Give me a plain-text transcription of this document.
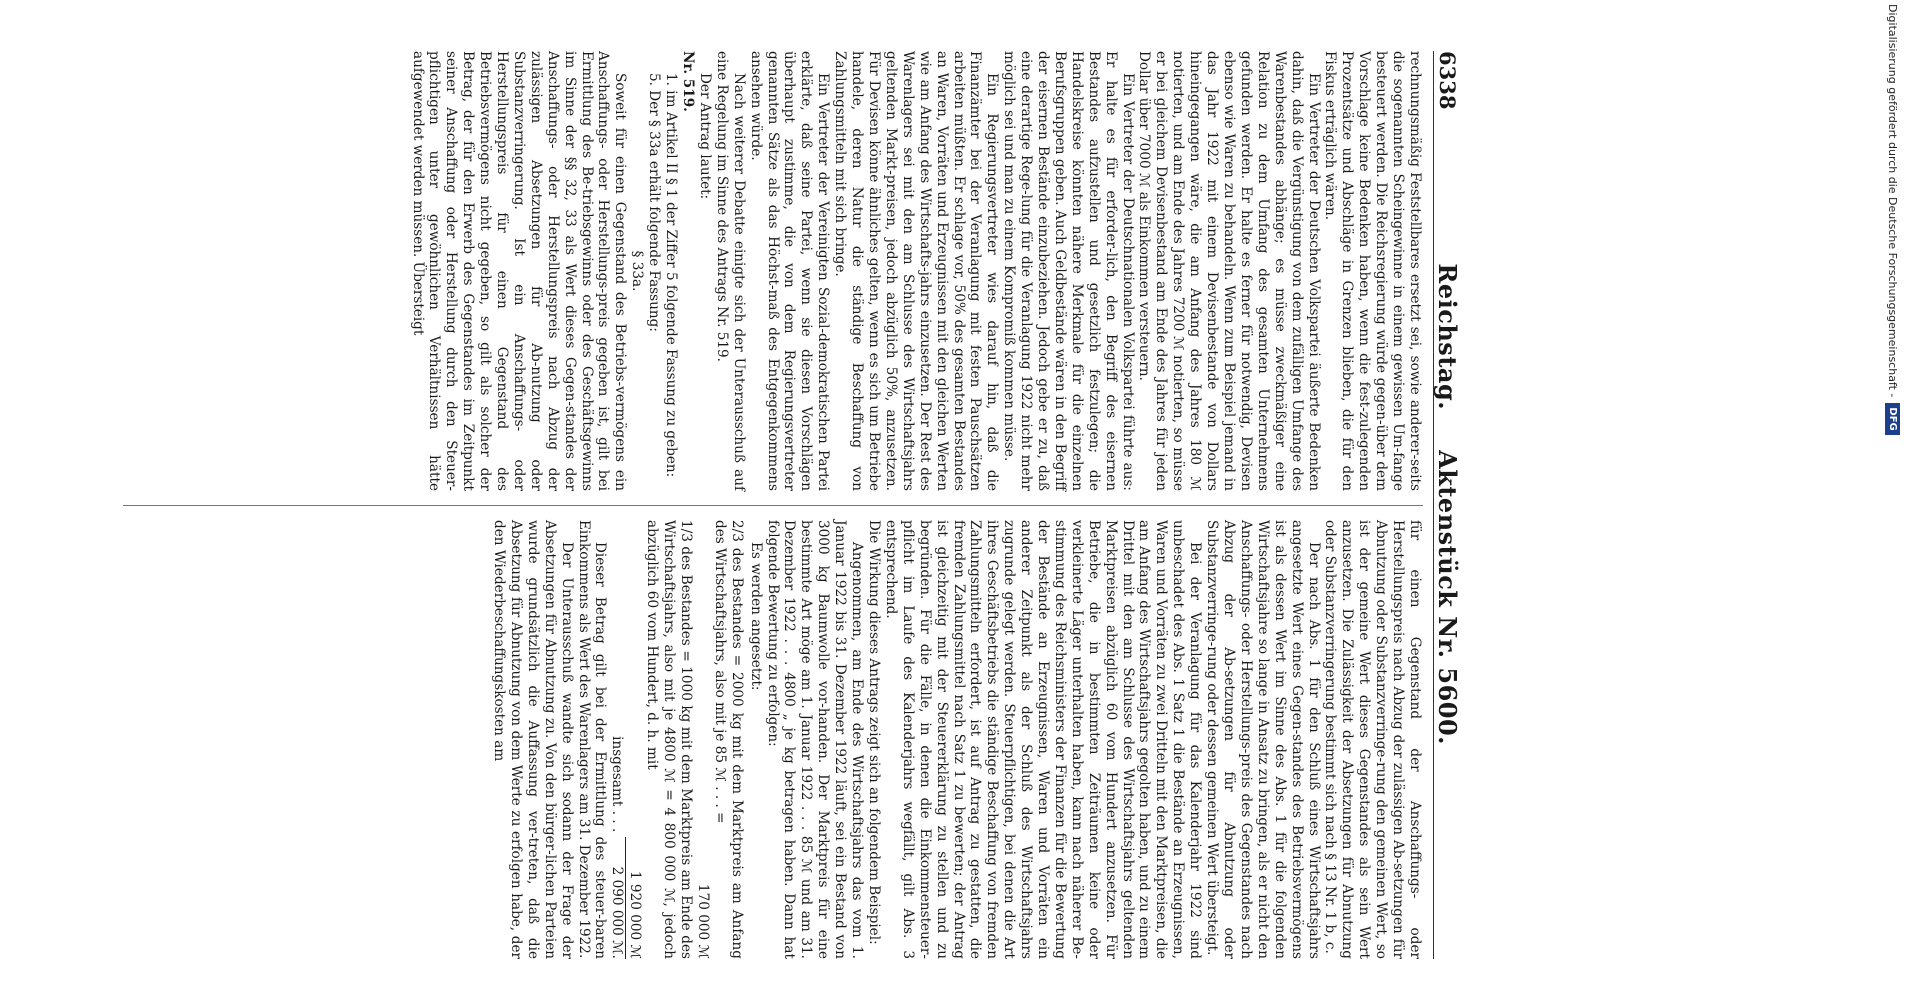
6338
Reichstag.Aktenstück Nr. 5600.

rechnungsmäßig Feststellbares ersetzt sei, sowie anderer-seits die sogenannten Scheingewinne in einem gewissen Um-fange besteuert werden. Die Reichsregierung würde gegen-über dem Vorschlage keine Bedenken haben, wenn die fest-zulegenden Prozentsätze und Abschläge in Grenzen blieben, die für den Fiskus erträglich wären.

Ein Vertreter der Deutschen Volkspartei äußerte Bedenken dahin, daß die Vergünstigung von dem zufälligen Umfange des Warenbestandes abhänge; es müsse zweckmäßiger eine Relation zu dem Umfang des gesamten Unternehmens gefunden werden. Er halte es ferner für notwendig, Devisen ebenso wie Waren zu behandeln. Wenn zum Beispiel jemand in das Jahr 1922 mit einem Devisenbestande von Dollars hineingegangen wäre, die am Anfang des Jahres 180 ℳ notierten, und am Ende des Jahres 7200 ℳ notierten, so müsse er bei gleichem Devisenbestand am Ende des Jahres für jeden Dollar über 7000 ℳ als Einkommen versteuern.

Ein Vertreter der Deutschnationalen Volkspartei führte aus: Er halte es für erforder-lich, den Begriff des eisernen Bestandes aufzustellen und gesetzlich festzulegen; die Handelskreise könnten nähere Merkmale für die einzelnen Berufsgruppen geben. Auch Geldbestände wären in den Begriff der eisernen Bestände einzubeziehen. Jedoch gebe er zu, daß eine derartige Rege-lung für die Veranlagung 1922 nicht mehr möglich sei und man zu einem Kompromiß kommen müsse.

Ein Regierungsvertreter wies darauf hin, daß die Finanzämter bei der Veranlagung mit festen Pauschsätzen arbeiten müßten. Er schlage vor, 50% des gesamten Bestandes an Waren, Vorräten und Erzeugnissen mit den gleichen Werten wie am Anfang des Wirtschafts-jahrs einzusetzen. Der Rest des Warenlagers sei mit den am Schlusse des Wirtschaftsjahrs geltenden Markt-preisen, jedoch abzüglich 50%, anzusetzen. Für Devisen könne ähnliches gelten, wenn es sich um Betriebe handele, deren Natur die ständige Beschaffung von Zahlungsmitteln mit sich bringe.

Ein Vertreter der Vereinigten Sozial-demokratischen Partei erklärte, daß seine Partei, wenn sie diesen Vorschlägen überhaupt zustimme, die von dem Regierungsvertreter genannten Sätze als das Höchst-maß des Entgegenkommens ansehen würde.

Nach weiterer Debatte einigte sich der Unterausschuß auf eine Regelung im Sinne des Antrags Nr. 519.

Der Antrag lautet:

Nr. 519.

1. im Artikel II § 1 der Ziffer 5 folgende Fassung zu geben:

5. Der § 33a erhält folgende Fassung:

§ 33a.

Soweit für einen Gegenstand des Betriebs-vermögens ein Anschaffungs- oder Herstellungs-preis gegeben ist, gilt bei Ermittlung des Be-triebsgewinns oder des Geschäftsgewinns im Sinne der §§ 32, 33 als Wert dieses Gegen-standes der Anschaffungs- oder Herstellungspreis nach Abzug der zulässigen Absetzungen für Ab-nutzung oder Substanzverringerung. Ist ein Anschaffungs- oder Herstellungspreis für einen Gegenstand des Betriebsvermögens nicht gegeben, so gilt als solcher der Betrag, der für den Erwerb des Gegenstandes im Zeitpunkt seiner Anschaffung oder Herstellung durch den Steuer-pflichtigen unter gewöhnlichen Verhältnissen hätte aufgewendet werden müssen. Übersteigt

für einen Gegenstand der Anschaffungs- oder Herstellungspreis nach Abzug der zulässigen Ab-setzungen für Abnutzung oder Substanzverringe-rung den gemeinen Wert, so ist der gemeine Wert dieses Gegenstandes als sein Wert anzusetzen. Die Zulässigkeit der Absetzungen für Abnutzung oder Substanzverringerung bestimmt sich nach § 13 Nr. 1 b, c.

Der nach Abs. 1 für den Schluß eines Wirtschaftsjahrs angesetzte Wert eines Gegen-standes des Betriebsvermögens ist als dessen Wert im Sinne des Abs. 1 für die folgenden Wirtschaftsjahre so lange in Ansatz zu bringen, als er nicht den Anschaffungs- oder Herstellungs-preis des Gegenstandes nach Abzug der Ab-setzungen für Abnutzung oder Substanzverringe-rung oder dessen gemeinen Wert übersteigt.

Bei der Veranlagung für das Kalenderjahr 1922 sind unbeschadet des Abs. 1 Satz 1 die Bestände an Erzeugnissen, Waren und Vorräten zu zwei Dritteln mit den Marktpreisen, die am Anfang des Wirtschaftsjahrs gegolten haben, und zu einem Drittel mit den am Schlusse des Wirtschaftsjahrs geltenden Marktpreisen abzüglich 60 vom Hundert anzusetzen. Für Betriebe, die in bestimmten Zeiträumen keine oder verkleinerte Läger unterhalten haben, kann nach näherer Be-stimmung des Reichsministers der Finanzen für die Bewertung der Bestände an Erzeugnissen, Waren und Vorräten ein anderer Zeitpunkt als der Schluß des Wirtschaftsjahrs zugrunde gelegt werden. Steuerpflichtigen, bei denen die Art ihres Geschäftsbetriebs die ständige Beschaffung von fremden Zahlungsmitteln erfordert, ist auf Antrag zu gestatten, die fremden Zahlungsmittel nach Satz 1 zu bewerten; der Antrag ist gleichzeitig mit der Steuererklärung zu stellen und zu begründen. Für die Fälle, in denen die Einkommensteuer-pflicht im Laufe des Kalenderjahrs wegfällt, gilt Abs. 3 entsprechend.

Die Wirkung dieses Antrags zeigt sich an folgendem Beispiel:

Angenommen, am Ende des Wirtschaftsjahrs das vom 1. Januar 1922 bis 31. Dezember 1922 läuft, sei ein Bestand von 3000 kg Baumwolle vor-handen. Der Marktpreis für eine bestimmte Art möge am 1. Januar 1922 . . . 85 ℳ und am 31. Dezember 1922 . . . 4800 „ je kg betragen haben. Dann hat folgende Bewertung zu erfolgen:

Es werden angesetzt:

2/3 des Bestandes = 2000 kg mit dem Marktpreis am Anfang des Wirtschaftsjahrs, also mit je 85 ℳ . . . =
170 000 ℳ
1/3 des Bestandes = 1000 kg mit dem Marktpreis am Ende des Wirtschaftsjahrs, also mit je 4800 ℳ = 4 800 000 ℳ, jedoch abzüglich 60 vom Hundert, d. h. mit
1 920 000 ℳ
insgesamt . . . 2 090 000 ℳ.

Dieser Betrag gilt bei der Ermittlung des steuer-baren Einkommens als Wert des Warenlagers am 31. Dezember 1922.

Der Unterausschuß wandte sich sodann der Frage der Absetzungen für Abnutzung zu. Von den bürger-lichen Parteien wurde grundsätzlich die Auffassung ver-treten, daß die Absetzung für Abnutzung von dem Werte zu erfolgen habe, der den Wiederbeschaffungskosten am

Digitalisierung gefördert durch die Deutsche Forschungsgemeinschaft -
DFG
